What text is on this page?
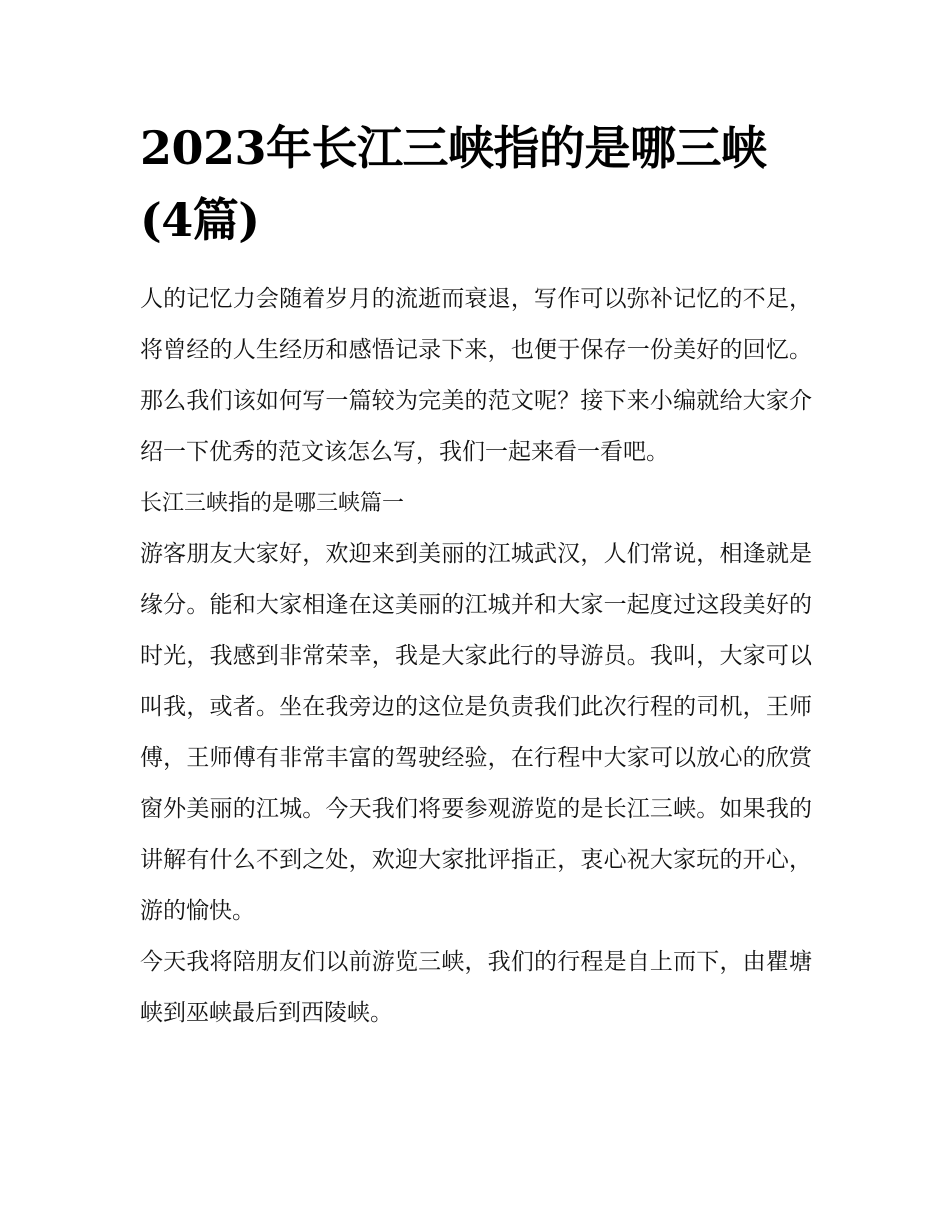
2023年长江三峡指的是哪三峡(4篇)

人的记忆力会随着岁月的流逝而衰退，写作可以弥补记忆的不足，将曾经的人生经历和感悟记录下来，也便于保存一份美好的回忆。那么我们该如何写一篇较为完美的范文呢？接下来小编就给大家介绍一下优秀的范文该怎么写，我们一起来看一看吧。

长江三峡指的是哪三峡篇一

游客朋友大家好，欢迎来到美丽的江城武汉，人们常说，相逢就是缘分。能和大家相逢在这美丽的江城并和大家一起度过这段美好的时光，我感到非常荣幸，我是大家此行的导游员。我叫，大家可以叫我，或者。坐在我旁边的这位是负责我们此次行程的司机，王师傅，王师傅有非常丰富的驾驶经验，在行程中大家可以放心的欣赏窗外美丽的江城。今天我们将要参观游览的是长江三峡。如果我的讲解有什么不到之处，欢迎大家批评指正，衷心祝大家玩的开心，游的愉快。

今天我将陪朋友们以前游览三峡，我们的行程是自上而下，由瞿塘峡到巫峡最后到西陵峡。
